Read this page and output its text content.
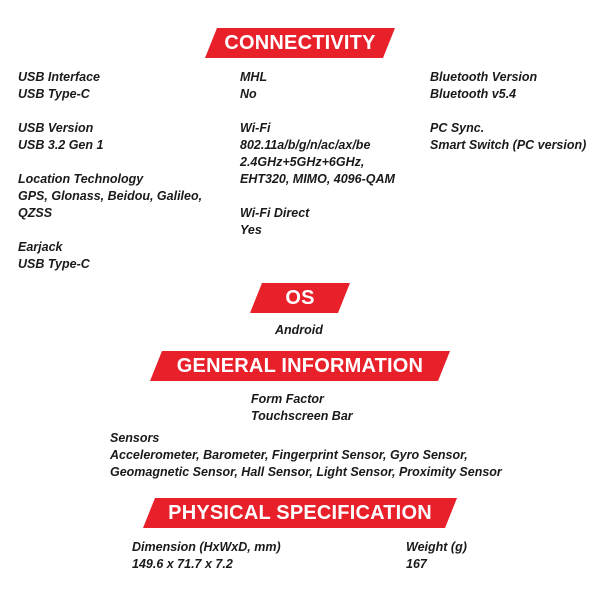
CONNECTIVITY
USB Interface
USB Type-C
USB Version
USB 3.2 Gen 1
Location Technology
GPS, Glonass, Beidou, Galileo,
QZSS
Earjack
USB Type-C
MHL
No
Wi-Fi
802.11a/b/g/n/ac/ax/be
2.4GHz+5GHz+6GHz,
EHT320, MIMO, 4096-QAM
Wi-Fi Direct
Yes
Bluetooth Version
Bluetooth v5.4
PC Sync.
Smart Switch (PC version)
OS
Android
GENERAL INFORMATION
Form Factor
Touchscreen Bar
Sensors
Accelerometer, Barometer, Fingerprint Sensor, Gyro Sensor,
Geomagnetic Sensor, Hall Sensor, Light Sensor, Proximity Sensor
PHYSICAL SPECIFICATION
Dimension (HxWxD, mm)
149.6 x 71.7 x 7.2
Weight (g)
167
